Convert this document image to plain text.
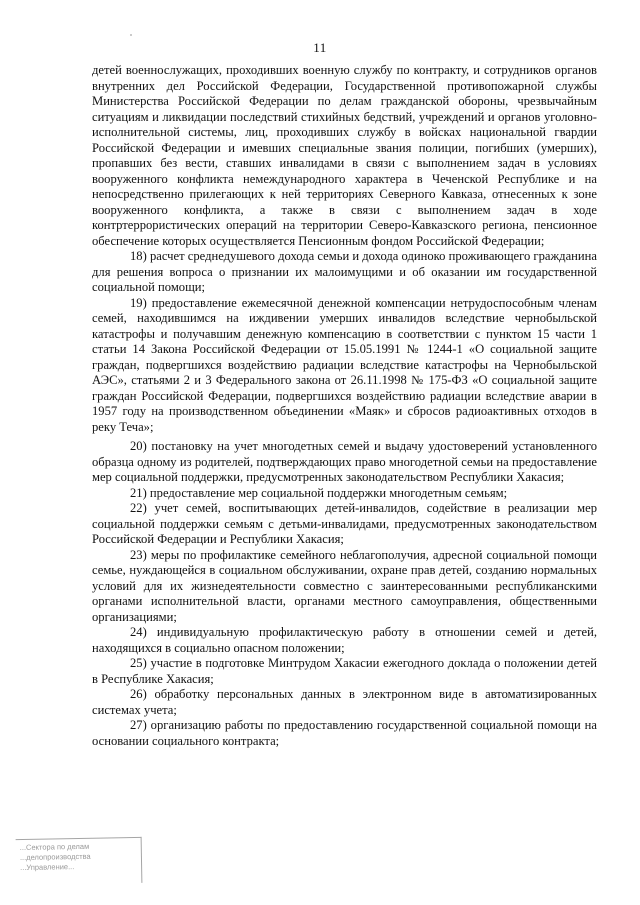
11

детей военнослужащих, проходивших военную службу по контракту, и сотрудников органов внутренних дел Российской Федерации, Государственной противопожарной службы Министерства Российской Федерации по делам гражданской обороны, чрезвычайным ситуациям и ликвидации последствий стихийных бедствий, учреждений и органов уголовно-исполнительной системы, лиц, проходивших службу в войсках национальной гвардии Российской Федерации и имевших специальные звания полиции, погибших (умерших), пропавших без вести, ставших инвалидами в связи с выполнением задач в условиях вооруженного конфликта немеждународного характера в Чеченской Республике и на непосредственно прилегающих к ней территориях Северного Кавказа, отнесенных к зоне вооруженного конфликта, а также в связи с выполнением задач в ходе контртеррористических операций на территории Северо-Кавказского региона, пенсионное обеспечение которых осуществляется Пенсионным фондом Российской Федерации;

18) расчет среднедушевого дохода семьи и дохода одиноко проживающего гражданина для решения вопроса о признании их малоимущими и об оказании им государственной социальной помощи;

19) предоставление ежемесячной денежной компенсации нетрудоспособным членам семей, находившимся на иждивении умерших инвалидов вследствие чернобыльской катастрофы и получавшим денежную компенсацию в соответствии с пунктом 15 части 1 статьи 14 Закона Российской Федерации от 15.05.1991 № 1244-1 «О социальной защите граждан, подвергшихся воздействию радиации вследствие катастрофы на Чернобыльской АЭС», статьями 2 и 3 Федерального закона от 26.11.1998 № 175-ФЗ «О социальной защите граждан Российской Федерации, подвергшихся воздействию радиации вследствие аварии в 1957 году на производственном объединении «Маяк» и сбросов радиоактивных отходов в реку Теча»;

20) постановку на учет многодетных семей и выдачу удостоверений установленного образца одному из родителей, подтверждающих право многодетной семьи на предоставление мер социальной поддержки, предусмотренных законодательством Республики Хакасия;

21) предоставление мер социальной поддержки многодетным семьям;

22) учет семей, воспитывающих детей-инвалидов, содействие в реализации мер социальной поддержки семьям с детьми-инвалидами, предусмотренных законодательством Российской Федерации и Республики Хакасия;

23) меры по профилактике семейного неблагополучия, адресной социальной помощи семье, нуждающейся в социальном обслуживании, охране прав детей, созданию нормальных условий для их жизнедеятельности совместно с заинтересованными республиканскими органами исполнительной власти, органами местного самоуправления, общественными организациями;

24) индивидуальную профилактическую работу в отношении семей и детей, находящихся в социально опасном положении;

25) участие в подготовке Минтрудом Хакасии ежегодного доклада о положении детей в Республике Хакасия;

26) обработку персональных данных в электронном виде в автоматизированных системах учета;

27) организацию работы по предоставлению государственной социальной помощи на основании социального контракта;

...Сектора по делам
...делопроизводства
...Управление...
